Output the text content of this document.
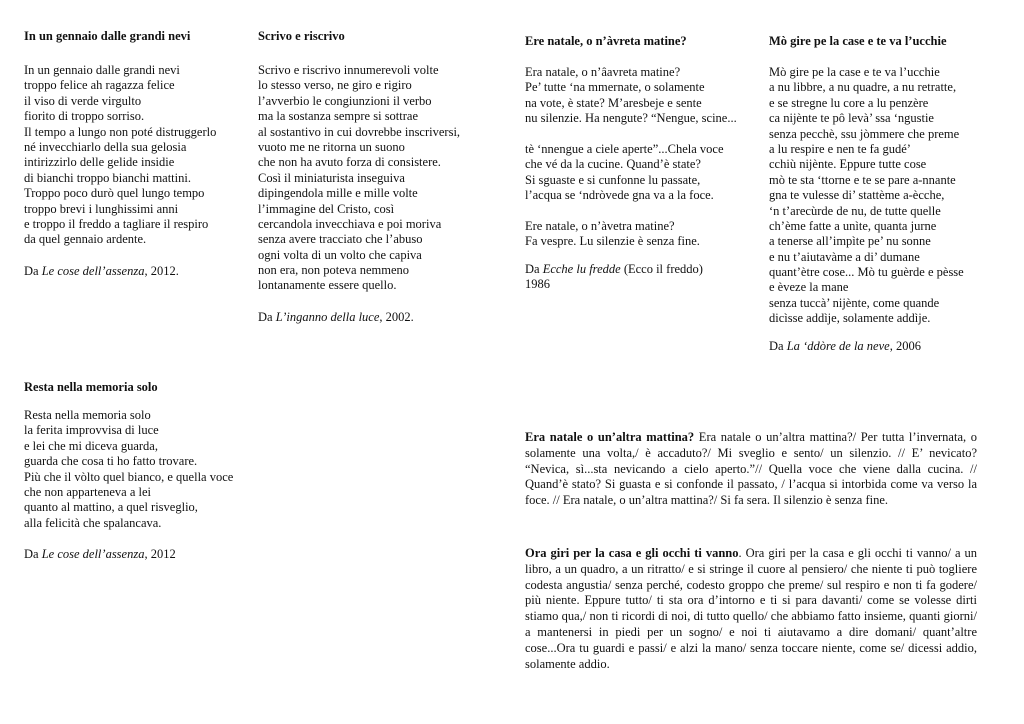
In un gennaio dalle grandi nevi
In un gennaio dalle grandi nevi
troppo felice ah ragazza felice
il viso di verde virgulto
fiorito di troppo sorriso.
Il tempo a lungo non poté distruggerlo
né invecchiarlo della sua gelosia
intirizzirlo delle gelide insidie
di bianchi troppo bianchi mattini.
Troppo poco durò quel lungo tempo
troppo brevi i lunghissimi anni
e troppo il freddo a tagliare il respiro
da quel gennaio ardente.
Da Le cose dell’assenza, 2012.
Scrivo e riscrivo
Scrivo e riscrivo innumerevoli volte
lo stesso verso, ne giro e rigiro
l’avverbio le congiunzioni il verbo
ma la sostanza sempre si sottrae
al sostantivo in cui dovrebbe inscriversi,
vuoto me ne ritorna un suono
che non ha avuto forza di consistere.
Così il miniaturista inseguiva
dipingendola mille e mille volte
l’immagine del Cristo, così
cercandola invecchiava e poi moriva
senza avere tracciato che l’abuso
ogni volta di un volto che capiva
non era, non poteva nemmeno
lontanamente essere quello.
Da L’inganno della luce, 2002.
Ere natale, o n’àvreta matine?
Era natale, o n’âavreta matine?
Pe’ tutte ‘na mmernate, o solamente
na vote, è state? M’aresbeje e sente
nu silenzie. Ha nengute? “Nengue, scine...
tè ‘nnengue a ciele aperte”...Chela voce
che vé da la cucine. Quand’è state?
Si sguaste e si cunfonne lu passate,
l’acqua se ‘ndròvede gna va a la foce.
Ere natale, o n’àvetra matine?
Fa vespre. Lu silenzie è senza fine.
Da Ecche lu fredde (Ecco il freddo)
1986
Mò gire pe la case e te va l’ucchie
Mò gire pe la case e te va l’ucchie
a nu libbre, a nu quadre, a nu retratte,
e se stregne lu core a lu penzère
ca nijènte te pô levà’ ssa ‘ngustie
senza pecchè, ssu jòmmere che preme
a lu respire e nen te fa gudé’
cchiù nijènte. Eppure tutte cose
mò te sta ‘ttorne e te se pare a-nnante
gna te vulesse di’ stattème a-ècche,
‘n t’arecùrde de nu, de tutte quelle
ch’ème fatte a unìte, quanta jurne
a tenerse all’impìte pe’ nu sonne
e nu t’aiutavàme a di’ dumane
quant’ètre cose... Mò tu guèrde e pèsse
e èveze la mane
senza tuccà’ nijènte, come quande
dicìsse addìje, solamente addìje.
Da La ‘ddòre de la neve, 2006
Resta nella memoria solo
Resta nella memoria solo
la ferita improvvisa di luce
e lei che mi diceva guarda,
guarda che cosa ti ho fatto trovare.
Più che il vòlto quel bianco, e quella voce
che non apparteneva a lei
quanto al mattino, a quel risveglio,
alla felicità che spalancava.
Da Le cose dell’assenza, 2012
Era natale o un’altra mattina? Era natale o un’altra mattina?/ Per tutta l’invernata, o solamente una volta,/ è accaduto?/ Mi sveglio e sento/ un silenzio. // E’ nevicato? “Nevica, sì...sta nevicando a cielo aperto.”// Quella voce che viene dalla cucina. // Quand’è stato? Si guasta e si confonde il passato, / l’acqua si intorbida come va verso la foce. // Era natale, o un’altra mattina?/ Si fa sera. Il silenzio è senza fine.
Ora giri per la casa e gli occhi ti vanno. Ora giri per la casa e gli occhi ti vanno/ a un libro, a un quadro, a un ritratto/ e si stringe il cuore al pensiero/ che niente ti può togliere codesta angustia/ senza perché, codesto groppo che preme/ sul respiro e non ti fa godere/ più niente. Eppure tutto/ ti sta ora d’intorno e ti si para davanti/ come se volesse dirti stiamo qua,/ non ti ricordi di noi, di tutto quello/ che abbiamo fatto insieme, quanti giorni/ a mantenersi in piedi per un sogno/ e noi ti aiutavamo a dire domani/ quant’altre cose...Ora tu guardi e passi/ e alzi la mano/ senza toccare niente, come se/ dicessi addio, solamente addio.
